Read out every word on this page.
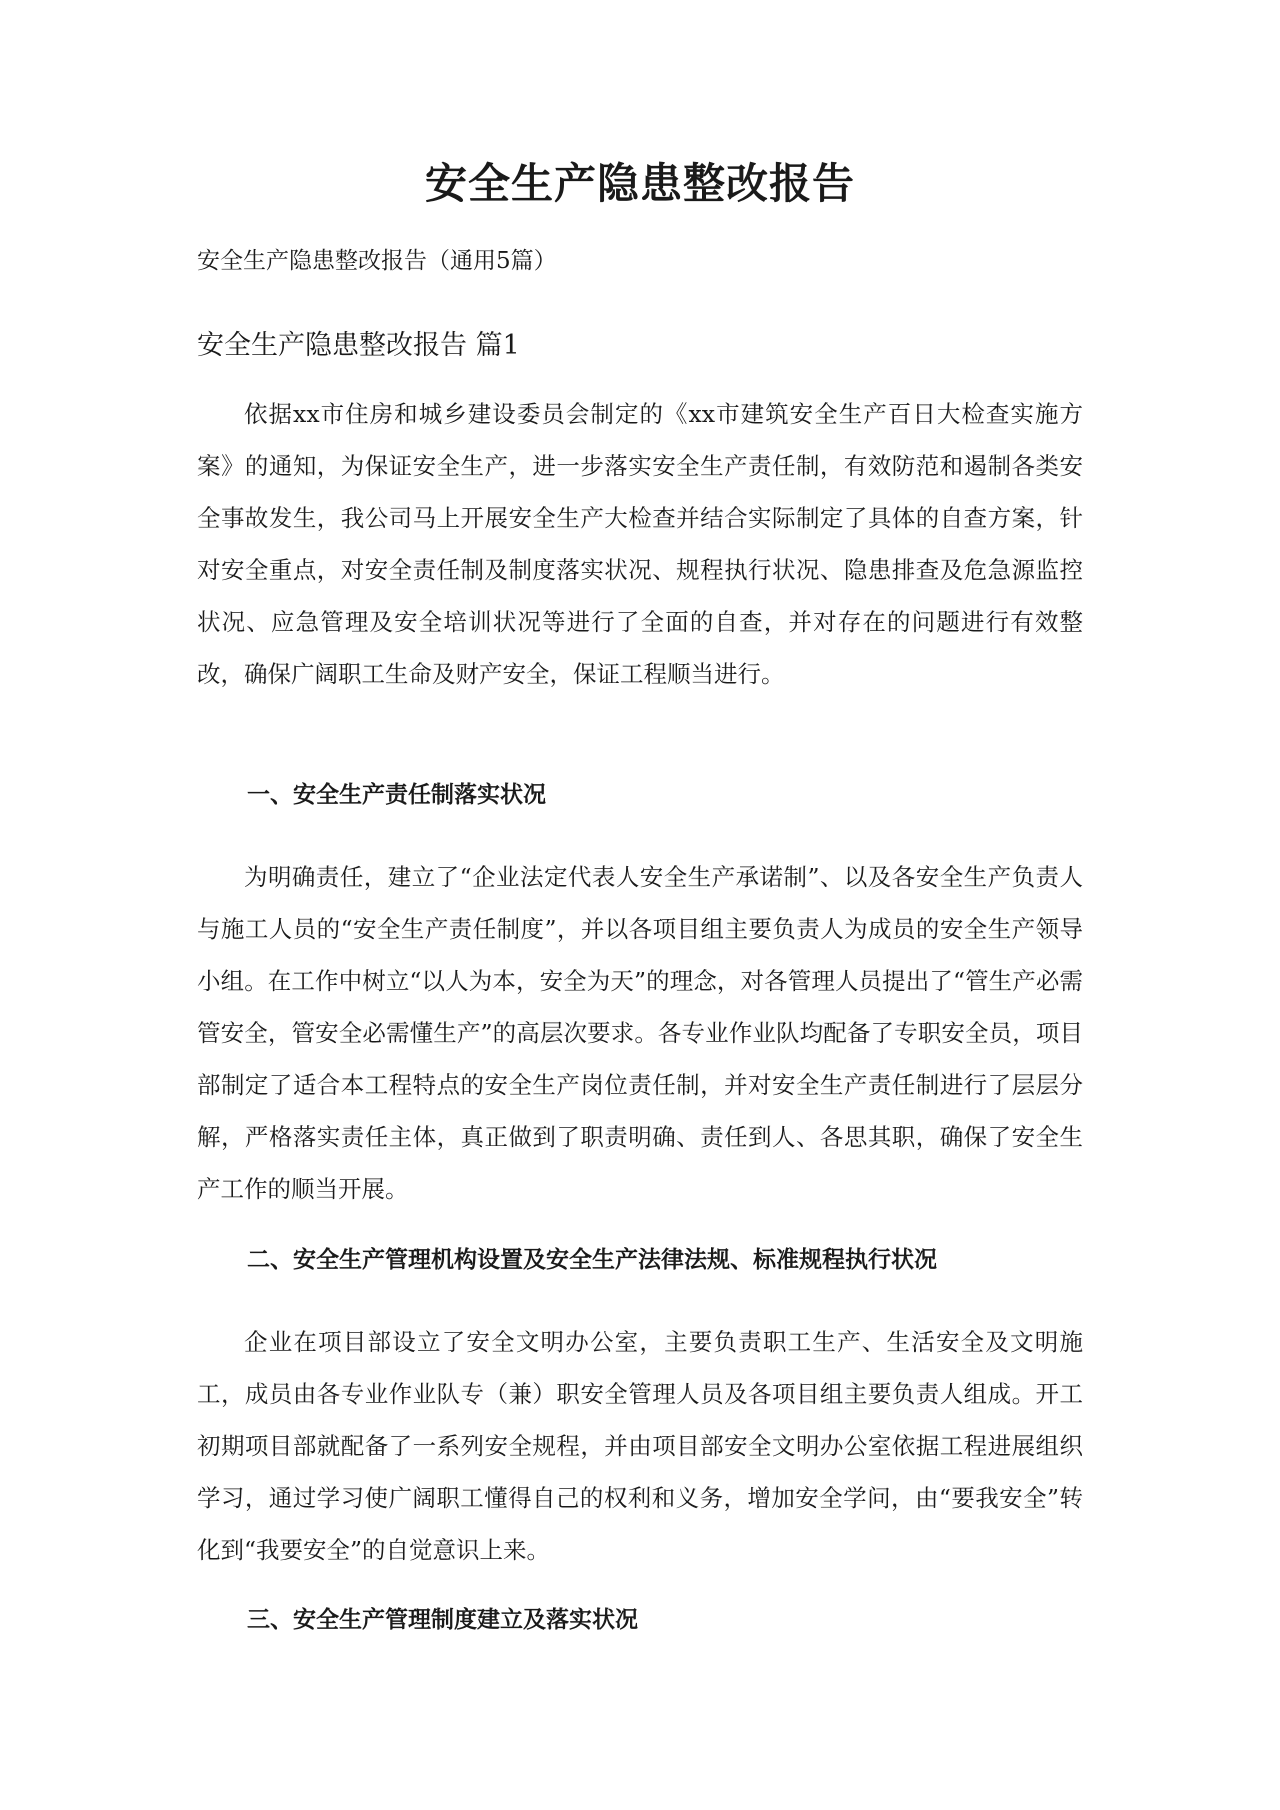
安全生产隐患整改报告

安全生产隐患整改报告（通用5篇）

安全生产隐患整改报告 篇1

依据xx市住房和城乡建设委员会制定的《xx市建筑安全生产百日大检查实施方案》的通知，为保证安全生产，进一步落实安全生产责任制，有效防范和遏制各类安全事故发生，我公司马上开展安全生产大检查并结合实际制定了具体的自查方案，针对安全重点，对安全责任制及制度落实状况、规程执行状况、隐患排查及危急源监控状况、应急管理及安全培训状况等进行了全面的自查，并对存在的问题进行有效整改，确保广阔职工生命及财产安全，保证工程顺当进行。

一、安全生产责任制落实状况

为明确责任，建立了“企业法定代表人安全生产承诺制”、以及各安全生产负责人与施工人员的“安全生产责任制度”，并以各项目组主要负责人为成员的安全生产领导小组。在工作中树立“以人为本，安全为天”的理念，对各管理人员提出了“管生产必需管安全，管安全必需懂生产”的高层次要求。各专业作业队均配备了专职安全员，项目部制定了适合本工程特点的安全生产岗位责任制，并对安全生产责任制进行了层层分解，严格落实责任主体，真正做到了职责明确、责任到人、各思其职，确保了安全生产工作的顺当开展。

二、安全生产管理机构设置及安全生产法律法规、标准规程执行状况

企业在项目部设立了安全文明办公室，主要负责职工生产、生活安全及文明施工，成员由各专业作业队专（兼）职安全管理人员及各项目组主要负责人组成。开工初期项目部就配备了一系列安全规程，并由项目部安全文明办公室依据工程进展组织学习，通过学习使广阔职工懂得自己的权利和义务，增加安全学问，由“要我安全”转化到“我要安全”的自觉意识上来。

三、安全生产管理制度建立及落实状况
